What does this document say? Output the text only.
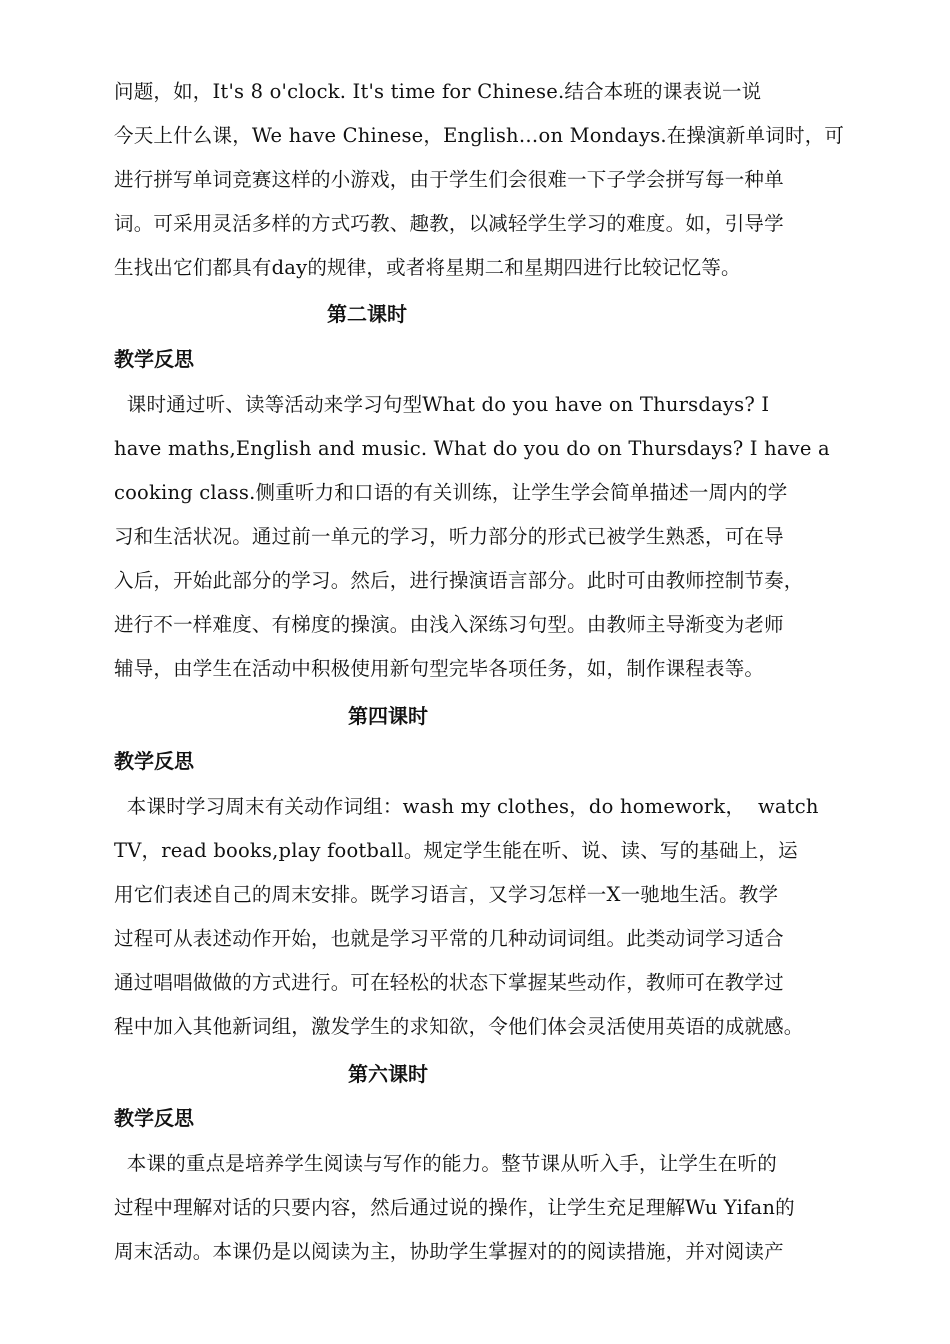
问题，如，It's 8 o'clock. It's time for Chinese.结合本班的课表说一说
今天上什么课，We have Chinese，English…on Mondays.在操演新单词时，可
进行拼写单词竞赛这样的小游戏，由于学生们会很难一下子学会拼写每一种单
词。可采用灵活多样的方式巧教、趣教，以减轻学生学习的难度。如，引导学
生找出它们都具有day的规律，或者将星期二和星期四进行比较记忆等。
第二课时
教学反思
课时通过听、读等活动来学习句型What do you have on Thursdays? I
have maths,English and music. What do you do on Thursdays? I have a
cooking class.侧重听力和口语的有关训练，让学生学会简单描述一周内的学
习和生活状况。通过前一单元的学习，听力部分的形式已被学生熟悉，可在导
入后，开始此部分的学习。然后，进行操演语言部分。此时可由教师控制节奏，
进行不一样难度、有梯度的操演。由浅入深练习句型。由教师主导渐变为老师
辅导，由学生在活动中积极使用新句型完毕各项任务，如，制作课程表等。
第四课时
教学反思
本课时学习周末有关动作词组：wash my clothes，do homework，  watch
TV，read books,play football。规定学生能在听、说、读、写的基础上，运
用它们表述自己的周末安排。既学习语言，又学习怎样一X一驰地生活。教学
过程可从表述动作开始，也就是学习平常的几种动词词组。此类动词学习适合
通过唱唱做做的方式进行。可在轻松的状态下掌握某些动作，教师可在教学过
程中加入其他新词组，激发学生的求知欲，令他们体会灵活使用英语的成就感。
第六课时
教学反思
本课的重点是培养学生阅读与写作的能力。整节课从听入手，让学生在听的
过程中理解对话的只要内容，然后通过说的操作，让学生充足理解Wu Yifan的
周末活动。本课仍是以阅读为主，协助学生掌握对的的阅读措施，并对阅读产
